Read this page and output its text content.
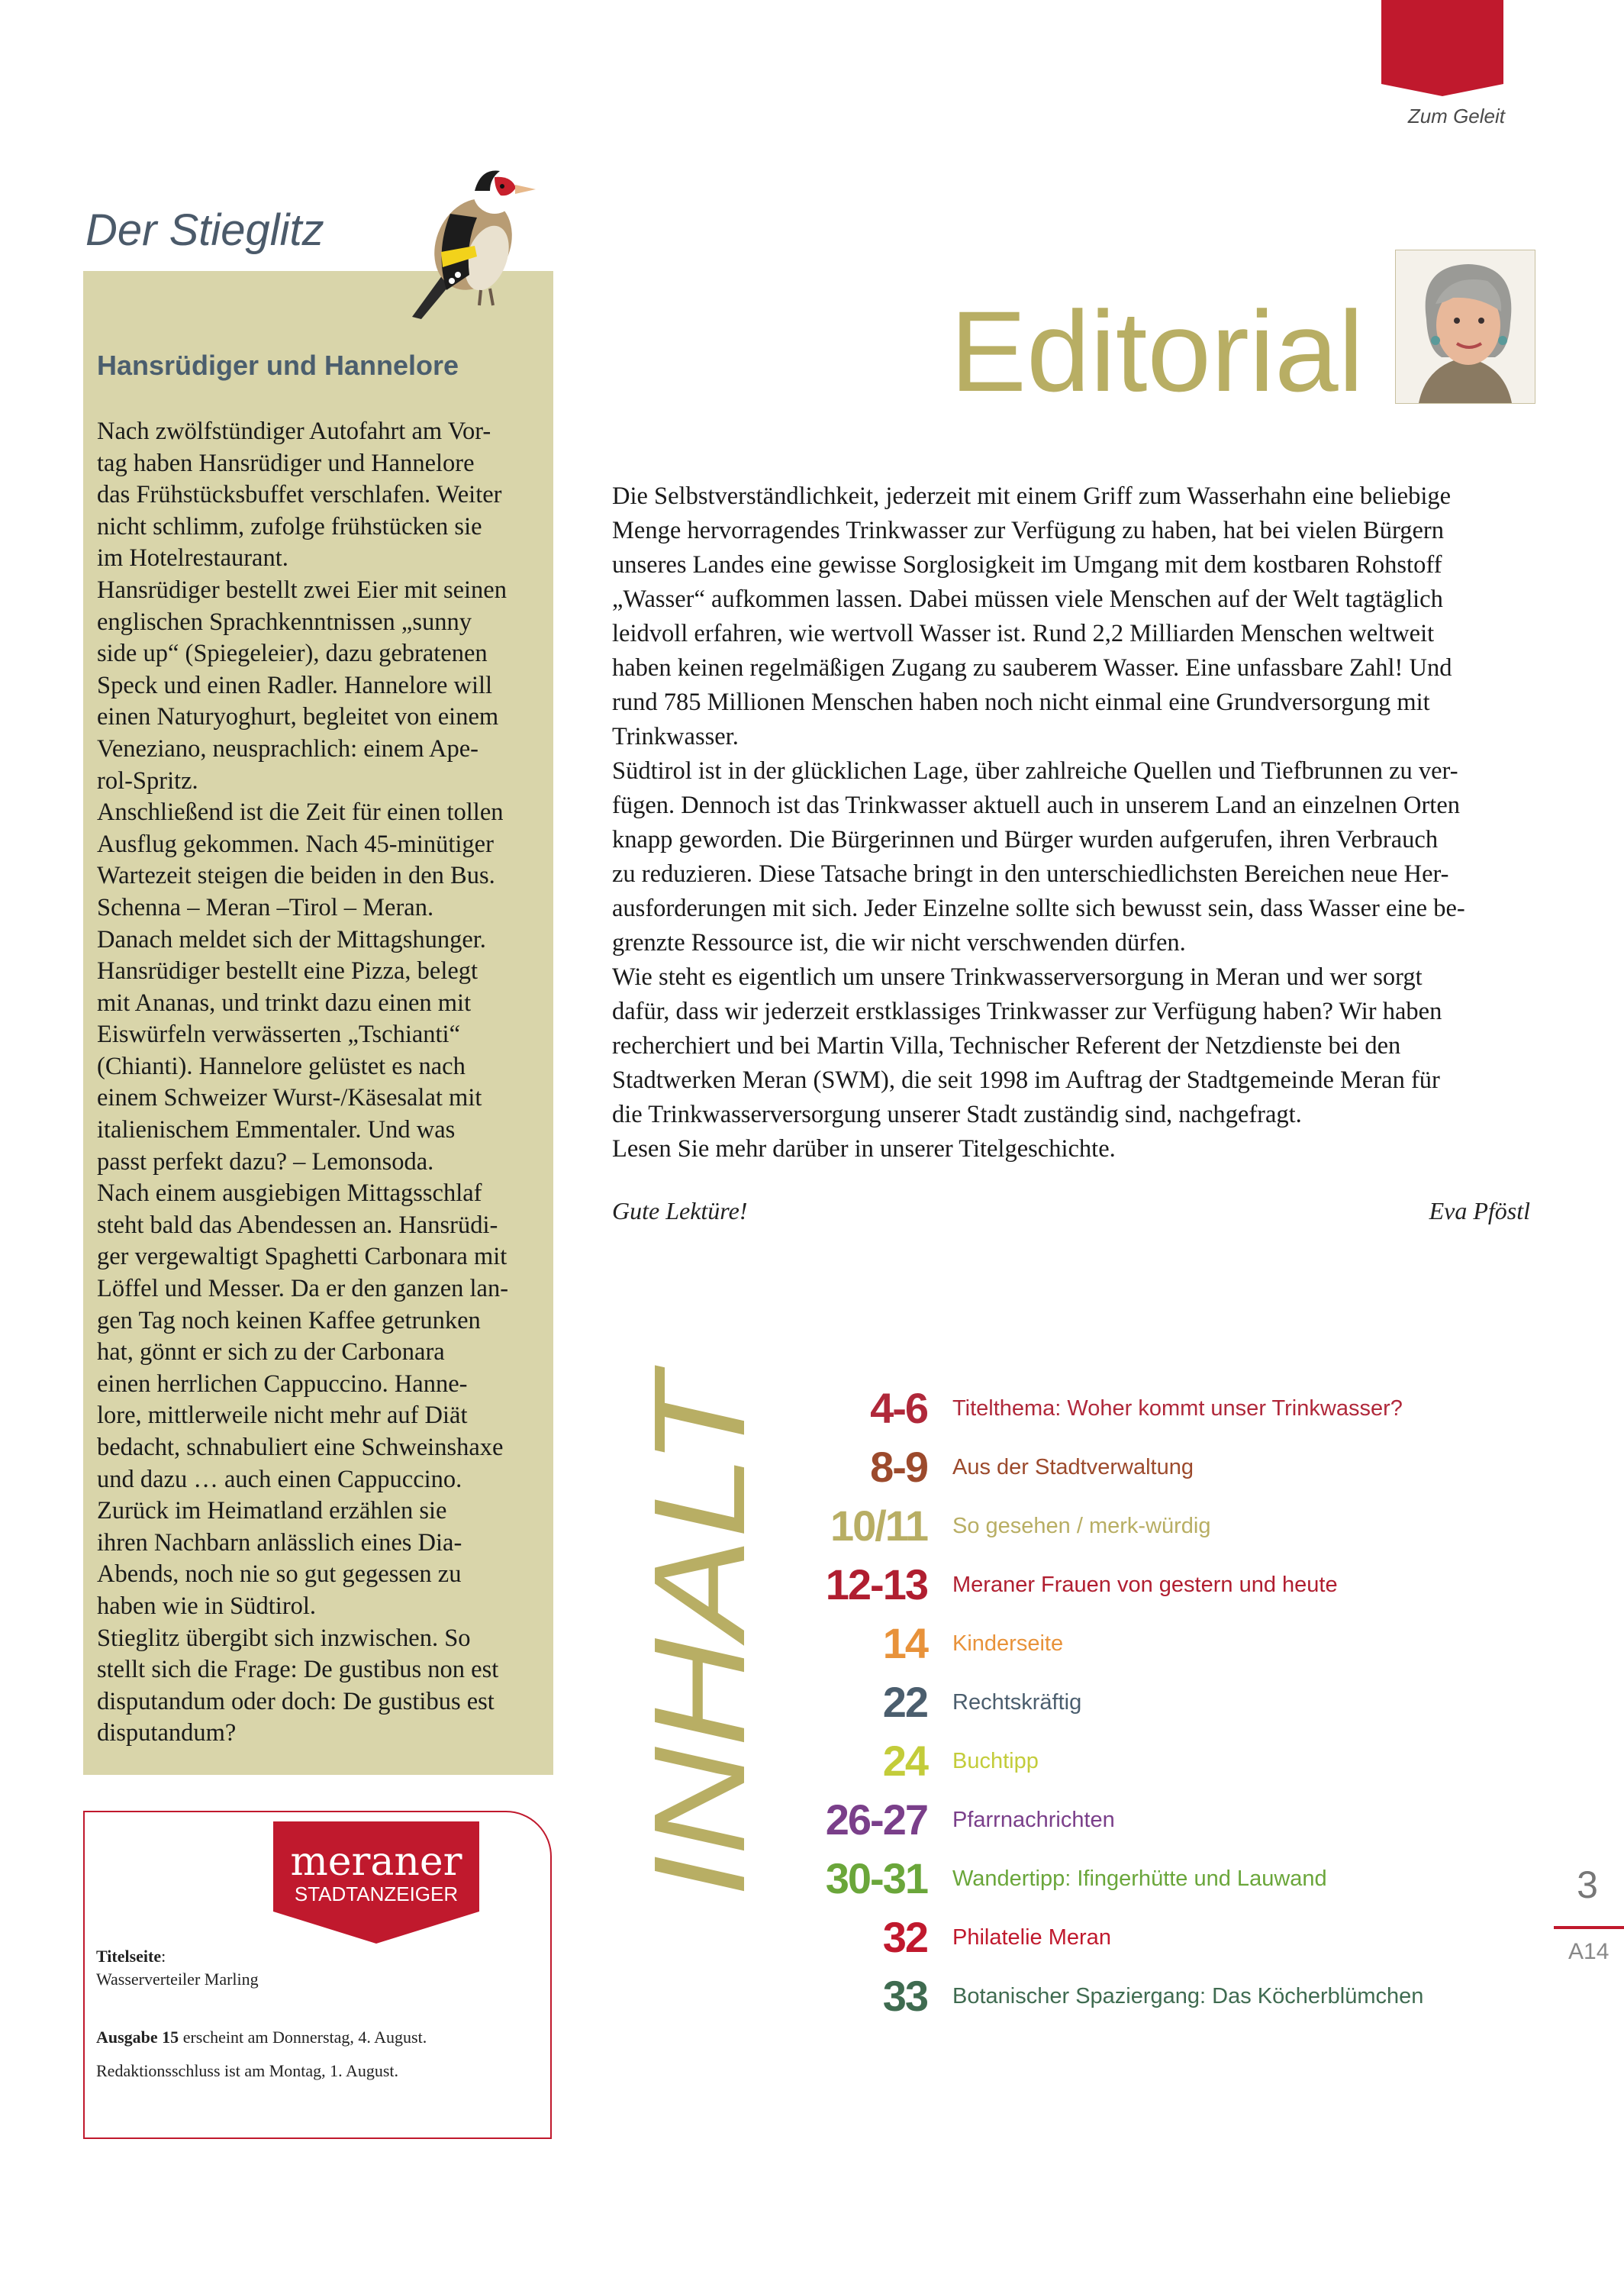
Zum Geleit
Der Stieglitz
Hansrüdiger und Hannelore

Nach zwölfstündiger Autofahrt am Vor-

tag haben Hansrüdiger und Hannelore

das Frühstücksbuffet verschlafen. Weiter

nicht schlimm, zufolge frühstücken sie

im Hotelrestaurant.

Hansrüdiger bestellt zwei Eier mit seinen

englischen Sprachkenntnissen „sunny

side up“ (Spiegeleier), dazu gebratenen

Speck und einen Radler. Hannelore will

einen Naturyoghurt, begleitet von einem

Veneziano, neusprachlich: einem Ape-

rol-Spritz.

Anschließend ist die Zeit für einen tollen

Ausflug gekommen. Nach 45-minütiger

Wartezeit steigen die beiden in den Bus.

Schenna – Meran –Tirol – Meran.

Danach meldet sich der Mittagshunger.

Hansrüdiger bestellt eine Pizza, belegt

mit Ananas, und trinkt dazu einen mit

Eiswürfeln verwässerten „Tschianti“

(Chianti). Hannelore gelüstet es nach

einem Schweizer Wurst-/Käsesalat mit

italienischem Emmentaler. Und was

passt perfekt dazu? – Lemonsoda.

Nach einem ausgiebigen Mittagsschlaf

steht bald das Abendessen an. Hansrüdi-

ger vergewaltigt Spaghetti Carbonara mit

Löffel und Messer. Da er den ganzen lan-

gen Tag noch keinen Kaffee getrunken

hat, gönnt er sich zu der Carbonara

einen herrlichen Cappuccino. Hanne-

lore, mittlerweile nicht mehr auf Diät

bedacht, schnabuliert eine Schweinshaxe

und dazu … auch einen Cappuccino.

Zurück im Heimatland erzählen sie

ihren Nachbarn anlässlich eines Dia-

Abends, noch nie so gut gegessen zu

haben wie in Südtirol.

Stieglitz übergibt sich inzwischen. So

stellt sich die Frage: De gustibus non est

disputandum oder doch: De gustibus est

disputandum?

meraner
STADTANZEIGER

Titelseite:

Wasserverteiler Marling

Ausgabe 15 erscheint am Donnerstag, 4. August.

Redaktionsschluss ist am Montag, 1. August.

Editorial

Die Selbstverständlichkeit, jederzeit mit einem Griff zum Wasserhahn eine beliebige

Menge hervorragendes Trinkwasser zur Verfügung zu haben, hat bei vielen Bürgern

unseres Landes eine gewisse Sorglosigkeit im Umgang mit dem kostbaren Rohstoff

„Wasser“ aufkommen lassen. Dabei müssen viele Menschen auf der Welt tagtäglich

leidvoll erfahren, wie wertvoll Wasser ist. Rund 2,2 Milliarden Menschen weltweit

haben keinen regelmäßigen Zugang zu sauberem Wasser. Eine unfassbare Zahl! Und

rund 785 Millionen Menschen haben noch nicht einmal eine Grundversorgung mit

Trinkwasser.

Südtirol ist in der glücklichen Lage, über zahlreiche Quellen und Tiefbrunnen zu ver-

fügen. Dennoch ist das Trinkwasser aktuell auch in unserem Land an einzelnen Orten

knapp geworden. Die Bürgerinnen und Bürger wurden aufgerufen, ihren Verbrauch

zu reduzieren. Diese Tatsache bringt in den unterschiedlichsten Bereichen neue Her-

ausforderungen mit sich. Jeder Einzelne sollte sich bewusst sein, dass Wasser eine be-

grenzte Ressource ist, die wir nicht verschwenden dürfen.

Wie steht es eigentlich um unsere Trinkwasserversorgung in Meran und wer sorgt

dafür, dass wir jederzeit erstklassiges Trinkwasser zur Verfügung haben? Wir haben

recherchiert und bei Martin Villa, Technischer Referent der Netzdienste bei den

Stadtwerken Meran (SWM), die seit 1998 im Auftrag der Stadtgemeinde Meran für

die Trinkwasserversorgung unserer Stadt zuständig sind, nachgefragt.

Lesen Sie mehr darüber in unserer Titelgeschichte.

Gute Lektüre!	Eva Pföstl
INHALT
4-6 Titelthema: Woher kommt unser Trinkwasser?
8-9 Aus der Stadtverwaltung
10/11 So gesehen / merk-würdig
12-13 Meraner Frauen von gestern und heute
14 Kinderseite
22 Rechtskräftig
24 Buchtipp
26-27 Pfarrnachrichten
30-31 Wandertipp: Ifingerhütte und Lauwand
32 Philatelie Meran
33 Botanischer Spaziergang: Das Köcherblümchen
3
A14
